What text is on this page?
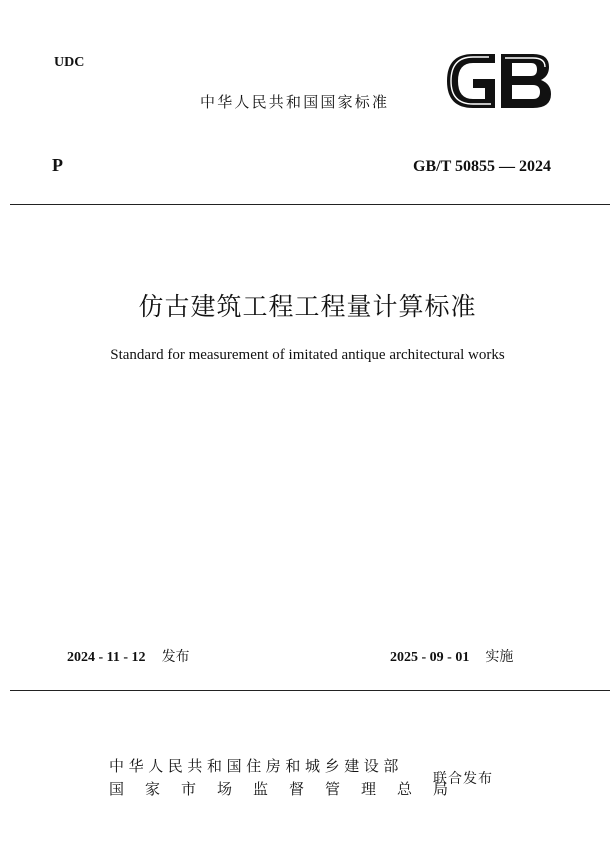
UDC
中华人民共和国国家标准
P	GB/T 50855 — 2024
仿古建筑工程工程量计算标准
Standard for measurement of imitated antique architectural works
2024 - 11 - 12 发布	2025 - 09 - 01 实施
中华人民共和国住房和城乡建设部
国家市场监督管理总局
联合发布
